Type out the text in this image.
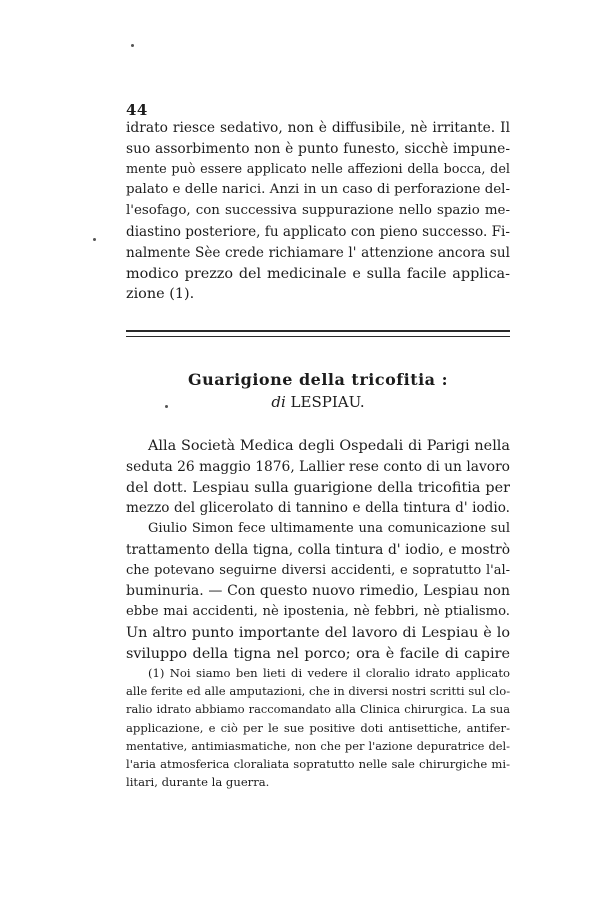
44
idrato riesce sedativo, non è diffusibile, nè irritante. Il
suo assorbimento non è punto funesto, sicchè impune-
mente può essere applicato nelle affezioni della bocca, del
palato e delle narici. Anzi in un caso di perforazione del-
l'esofago, con successiva suppurazione nello spazio me-
diastino posteriore, fu applicato con pieno successo. Fi-
nalmente Sèe crede richiamare l' attenzione ancora sul
modico prezzo del medicinale e sulla facile applica-
zione (1).
Guarigione della tricofitia :
di LESPIAU.
Alla Società Medica degli Ospedali di Parigi nella
seduta 26 maggio 1876, Lallier rese conto di un lavoro
del dott. Lespiau sulla guarigione della tricofitia per
mezzo del glicerolato di tannino e della tintura d' iodio.
Giulio Simon fece ultimamente una comunicazione sul
trattamento della tigna, colla tintura d' iodio, e mostrò
che potevano seguirne diversi accidenti, e sopratutto l'al-
buminuria. — Con questo nuovo rimedio, Lespiau non
ebbe mai accidenti, nè ipostenia, nè febbri, nè ptialismo.
Un altro punto importante del lavoro di Lespiau è lo
sviluppo della tigna nel porco; ora è facile di capire
(1) Noi siamo ben lieti di vedere il cloralio idrato applicato
alle ferite ed alle amputazioni, che in diversi nostri scritti sul clo-
ralio idrato abbiamo raccomandato alla Clinica chirurgica. La sua
applicazione, e ciò per le sue positive doti antisettiche, antifer-
mentative, antimiasmatiche, non che per l'azione depuratrice del-
l'aria atmosferica cloraliata sopratutto nelle sale chirurgiche mi-
litari, durante la guerra.
